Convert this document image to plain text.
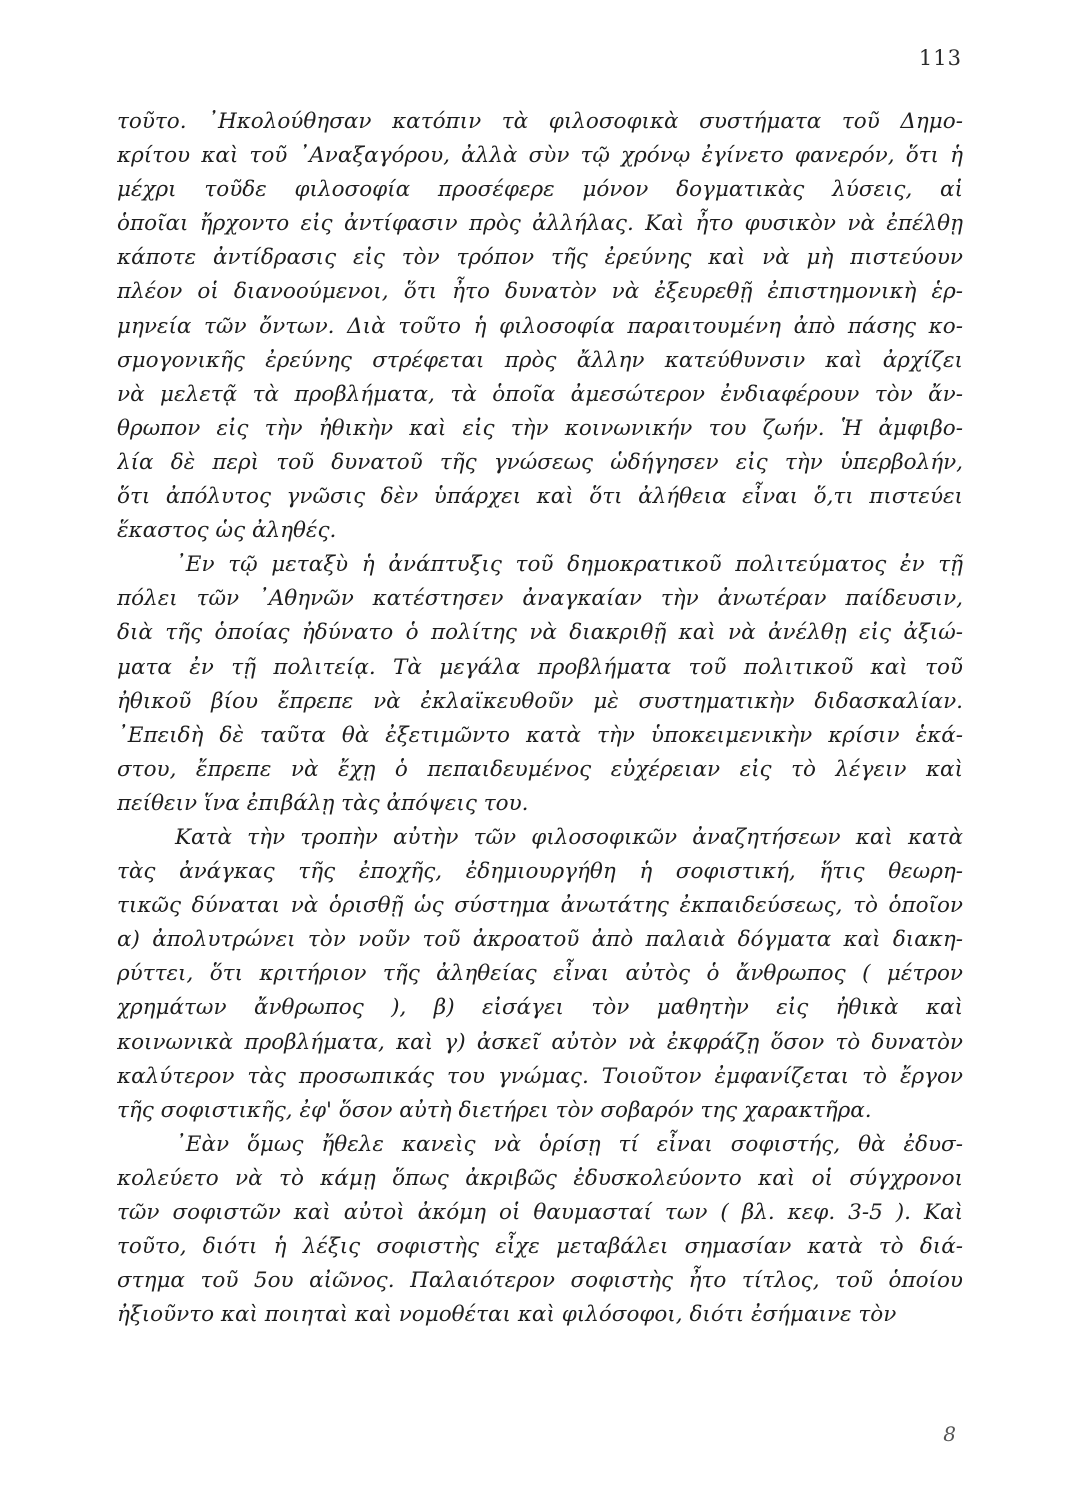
113
τοῦτο. ᾿Ηκολούθησαν κατόπιν τὰ φιλοσοφικὰ συστήματα τοῦ Δημο-
κρίτου καὶ τοῦ ᾿Αναξαγόρου, ἀλλὰ σὺν τῷ χρόνῳ ἐγίνετο φανερόν, ὅτι ἡ
μέχρι τοῦδε φιλοσοφία προσέφερε μόνον δογματικὰς λύσεις, αἱ
ὁποῖαι ἤρχοντο εἰς ἀντίφασιν πρὸς ἀλλήλας. Καὶ ἦτο φυσικὸν νὰ ἐπέλθῃ
κάποτε ἀντίδρασις εἰς τὸν τρόπον τῆς ἐρεύνης καὶ νὰ μὴ πιστεύουν
πλέον οἱ διανοούμενοι, ὅτι ἦτο δυνατὸν νὰ ἐξευρεθῇ ἐπιστημονικὴ ἑρ-
μηνεία τῶν ὄντων. Διὰ τοῦτο ἡ φιλοσοφία παραιτουμένη ἀπὸ πάσης κο-
σμογονικῆς ἐρεύνης στρέφεται πρὸς ἄλλην κατεύθυνσιν καὶ ἀρχίζει
νὰ μελετᾷ τὰ προβλήματα, τὰ ὁποῖα ἀμεσώτερον ἐνδιαφέρουν τὸν ἄν-
θρωπον εἰς τὴν ἠθικὴν καὶ εἰς τὴν κοινωνικήν του ζωήν. Ἡ ἀμφιβο-
λία δὲ περὶ τοῦ δυνατοῦ τῆς γνώσεως ὡδήγησεν εἰς τὴν ὑπερβολήν,
ὅτι ἀπόλυτος γνῶσις δὲν ὑπάρχει καὶ ὅτι ἀλήθεια εἶναι ὅ,τι πιστεύει
ἕκαστος ὡς ἀληθές.
᾿Εν τῷ μεταξὺ ἡ ἀνάπτυξις τοῦ δημοκρατικοῦ πολιτεύματος ἐν τῇ
πόλει τῶν ᾿Αθηνῶν κατέστησεν ἀναγκαίαν τὴν ἀνωτέραν παίδευσιν,
διὰ τῆς ὁποίας ἠδύνατο ὁ πολίτης νὰ διακριθῇ καὶ νὰ ἀνέλθῃ εἰς ἀξιώ-
ματα ἐν τῇ πολιτείᾳ. Τὰ μεγάλα προβλήματα τοῦ πολιτικοῦ καὶ τοῦ
ἠθικοῦ βίου ἔπρεπε νὰ ἐκλαϊκευθοῦν μὲ συστηματικὴν διδασκαλίαν.
᾿Επειδὴ δὲ ταῦτα θὰ ἐξετιμῶντο κατὰ τὴν ὑποκειμενικὴν κρίσιν ἑκά-
στου, ἔπρεπε νὰ ἔχῃ ὁ πεπαιδευμένος εὐχέρειαν εἰς τὸ λέγειν καὶ
πείθειν ἵνα ἐπιβάλῃ τὰς ἀπόψεις του.
Κατὰ τὴν τροπὴν αὐτὴν τῶν φιλοσοφικῶν ἀναζητήσεων καὶ κατὰ
τὰς ἀνάγκας τῆς ἐποχῆς, ἐδημιουργήθη ἡ σοφιστική, ἥτις θεωρη-
τικῶς δύναται νὰ ὁρισθῇ ὡς σύστημα ἀνωτάτης ἐκπαιδεύσεως, τὸ ὁποῖον
α) ἀπολυτρώνει τὸν νοῦν τοῦ ἀκροατοῦ ἀπὸ παλαιὰ δόγματα καὶ διακη-
ρύττει, ὅτι κριτήριον τῆς ἀληθείας εἶναι αὐτὸς ὁ ἄνθρωπος ( μέτρον
χρημάτων ἄνθρωπος ), β) εἰσάγει τὸν μαθητὴν εἰς ἠθικὰ καὶ
κοινωνικὰ προβλήματα, καὶ γ) ἀσκεῖ αὐτὸν νὰ ἐκφράζῃ ὅσον τὸ δυνατὸν
καλύτερον τὰς προσωπικάς του γνώμας. Τοιοῦτον ἐμφανίζεται τὸ ἔργον
τῆς σοφιστικῆς, ἐφ' ὅσον αὐτὴ διετήρει τὸν σοβαρόν της χαρακτῆρα.
᾿Εὰν ὅμως ἤθελε κανεὶς νὰ ὁρίσῃ τί εἶναι σοφιστής, θὰ ἐδυσ-
κολεύετο νὰ τὸ κάμῃ ὅπως ἀκριβῶς ἐδυσκολεύοντο καὶ οἱ σύγχρονοι
τῶν σοφιστῶν καὶ αὐτοὶ ἀκόμη οἱ θαυμασταί των ( βλ. κεφ. 3-5 ). Καὶ
τοῦτο, διότι ἡ λέξις σοφιστὴς εἶχε μεταβάλει σημασίαν κατὰ τὸ διά-
στημα τοῦ 5ου αἰῶνος. Παλαιότερον σοφιστὴς ἦτο τίτλος, τοῦ ὁποίου
ἠξιοῦντο καὶ ποιηταὶ καὶ νομοθέται καὶ φιλόσοφοι, διότι ἐσήμαινε τὸν
8
